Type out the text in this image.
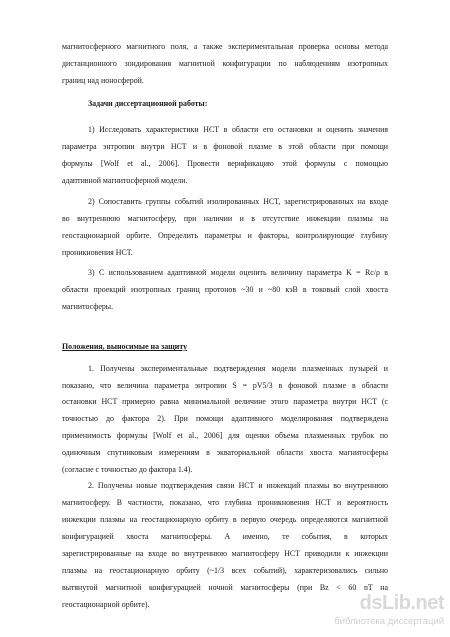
магнитосферного магнитного поля, а также экспериментальная проверка основы метода
дистанционного зондирования магнитной конфигурации по наблюдениям изотропных
границ над ионосферой.
Задачи диссертационной работы:
1) Исследовать характеристики НСТ в области его остановки и оценить значения
параметра энтропии внутри НСТ и в фоновой плазме в этой области при помощи
формулы [Wolf et al., 2006]. Провести верификацию этой формулы с помощью
адаптивной магнитосферной модели.
2) Сопоставить группы событий изолированных НСТ, зарегистрированных на входе
во внутреннюю магнитосферу, при наличии и в отсутствие инжекции плазмы на
геостационарной орбите. Определить параметры и факторы, контролирующие глубину
проникновения НСТ.
3) С использованием адаптивной модели оценить величину параметра K = Rc/ρ в
области проекций изотропных границ протонов ~30 и ~80 кэВ в токовый слой хвоста
магнитосферы.
Положения, выносимые на защиту
1. Получены экспериментальные подтверждения модели плазменных пузырей и
показано, что величина параметра энтропии S = pV5/3 в фоновой плазме в области
остановки НСТ примерно равна минимальной величине этого параметра внутри НСТ (с
точностью до фактора 2). При помощи адаптивного моделирования подтверждена
применимость формулы [Wolf et al., 2006] для оценки объема плазменных трубок по
одиночным спутниковым измерениям в экваториальной области хвоста магнитосферы
(согласие с точностью до фактора 1.4).
2. Получены новые подтверждения связи НСТ и инжекций плазмы во внутреннюю
магнитосферу. В частности, показано, что глубина проникновения НСТ и вероятность
инжекции плазмы на геостационарную орбиту в первую очередь определяются магнитной
конфигурацией хвоста магнитосферы. А именно, те события, в которых
зарегистрированные на входе во внутреннюю магнитосферу НСТ приводили к инжекции
плазмы на геостационарную орбиту (~1/3 всех событий), характеризовались сильно
вытянутой магнитной конфигурацией ночной магнитосферы (при Bz < 60 nT на
геостационарной орбите).	dsLib.net
библиотека диссертаций
